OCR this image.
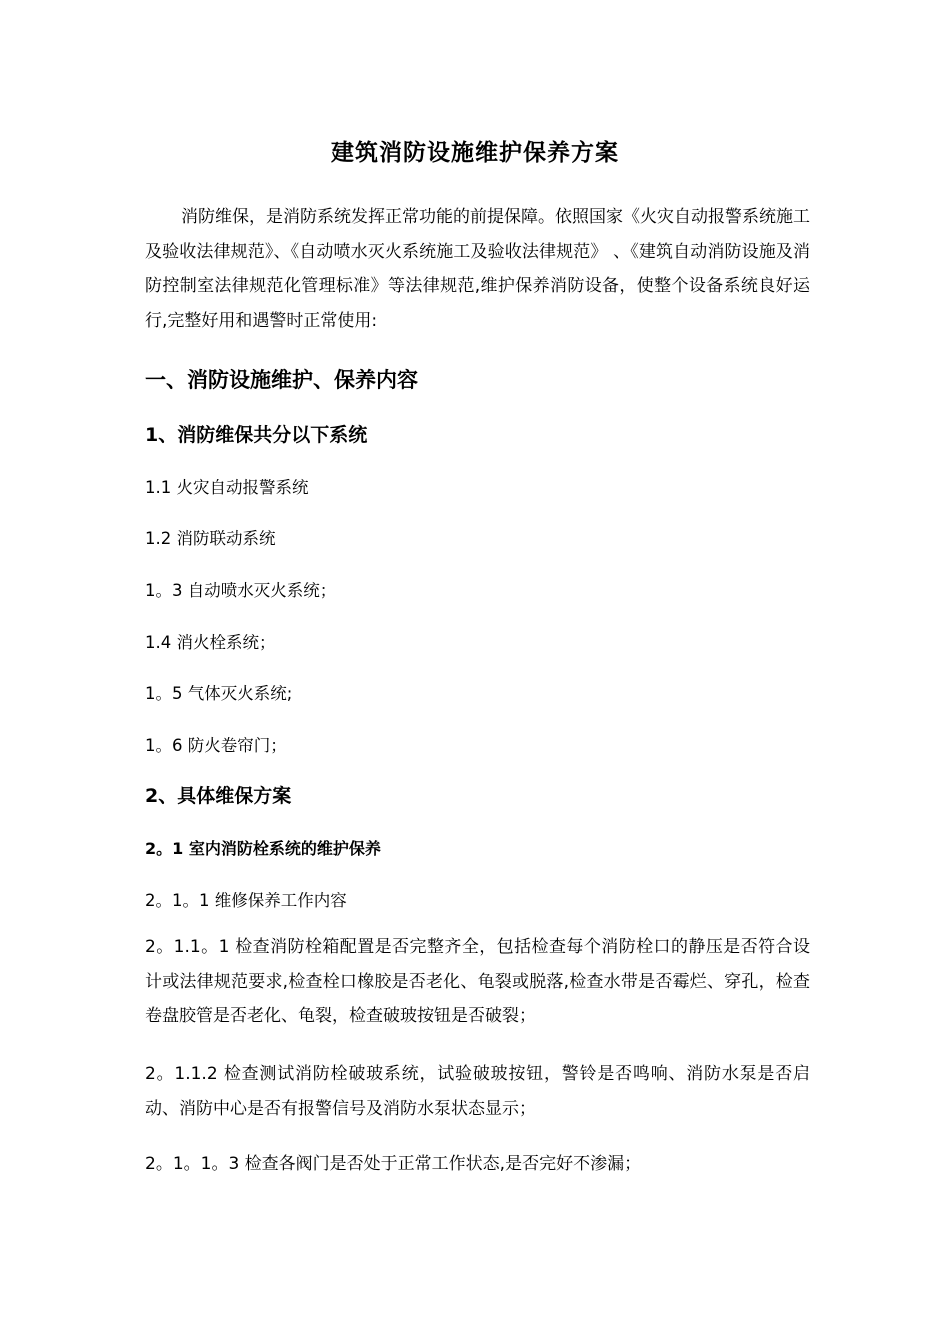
建筑消防设施维护保养方案

消防维保，是消防系统发挥正常功能的前提保障。依照国家《火灾自动报警系统施工及验收法律规范》、《自动喷水灭火系统施工及验收法律规范》 、《建筑自动消防设施及消防控制室法律规范化管理标准》等法律规范,维护保养消防设备，使整个设备系统良好运行,完整好用和遇警时正常使用:

一、消防设施维护、保养内容
1、消防维保共分以下系统
1.1 火灾自动报警系统
1.2 消防联动系统
1。3 自动喷水灭火系统；
1.4 消火栓系统；
1。5 气体灭火系统;
1。6 防火卷帘门；
2、具体维保方案
2。1 室内消防栓系统的维护保养
2。1。1 维修保养工作内容

2。1.1。1 检查消防栓箱配置是否完整齐全，包括检查每个消防栓口的静压是否符合设计或法律规范要求,检查栓口橡胶是否老化、龟裂或脱落,检查水带是否霉烂、穿孔，检查卷盘胶管是否老化、龟裂，检查破玻按钮是否破裂；

2。1.1.2 检查测试消防栓破玻系统，试验破玻按钮，警铃是否鸣响、消防水泵是否启动、消防中心是否有报警信号及消防水泵状态显示；

2。1。1。3 检查各阀门是否处于正常工作状态,是否完好不渗漏；
